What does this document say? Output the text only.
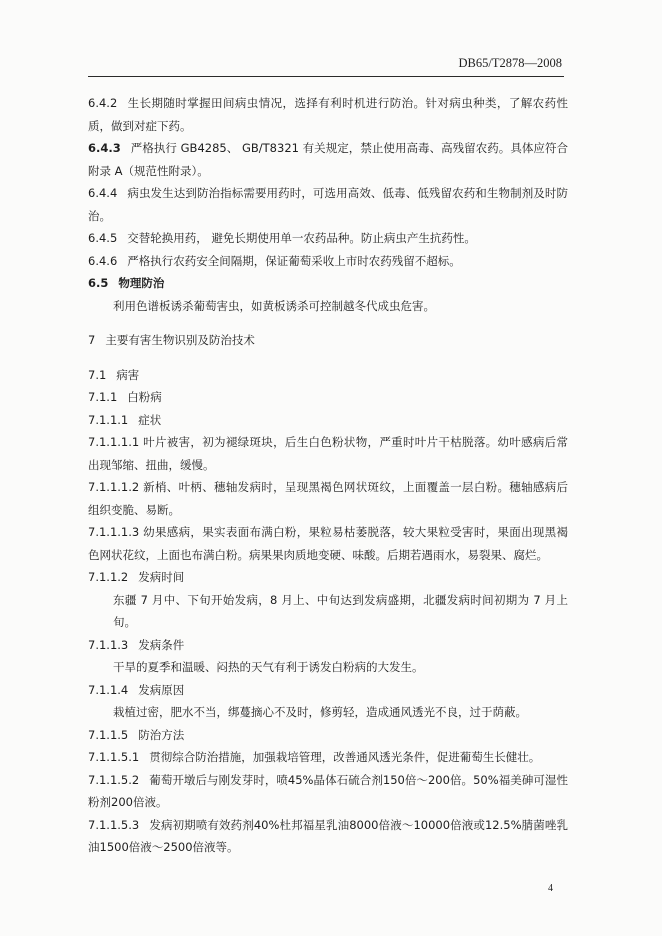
DB65/T2878—2008

6.4.2 生长期随时掌握田间病虫情况，选择有利时机进行防治。针对病虫种类，了解农药性质，做到对症下药。

6.4.3 严格执行 GB4285、 GB/T8321 有关规定，禁止使用高毒、高残留农药。具体应符合附录 A（规范性附录）。

6.4.4 病虫发生达到防治指标需要用药时，可选用高效、低毒、低残留农药和生物制剂及时防治。

6.4.5 交替轮换用药， 避免长期使用单一农药品种。防止病虫产生抗药性。

6.4.6 严格执行农药安全间隔期，保证葡萄采收上市时农药残留不超标。

6.5 物理防治

利用色谱板诱杀葡萄害虫，如黄板诱杀可控制越冬代成虫危害。

7 主要有害生物识别及防治技术

7.1 病害

7.1.1 白粉病

7.1.1.1 症状

7.1.1.1.1 叶片被害，初为褪绿斑块，后生白色粉状物，严重时叶片干枯脱落。幼叶感病后常出现邹缩、扭曲，缓慢。

7.1.1.1.2 新梢、叶柄、穗轴发病时，呈现黑褐色网状斑纹，上面覆盖一层白粉。穗轴感病后组织变脆、易断。

7.1.1.1.3 幼果感病，果实表面布满白粉，果粒易枯萎脱落，较大果粒受害时，果面出现黑褐色网状花纹，上面也布满白粉。病果果肉质地变硬、味酸。后期若遇雨水，易裂果、腐烂。

7.1.1.2 发病时间

东疆 7 月中、下旬开始发病，8 月上、中旬达到发病盛期，北疆发病时间初期为 7 月上旬。

7.1.1.3 发病条件

干旱的夏季和温暖、闷热的天气有利于诱发白粉病的大发生。

7.1.1.4 发病原因

栽植过密，肥水不当，绑蔓摘心不及时，修剪轻，造成通风透光不良，过于荫蔽。

7.1.1.5 防治方法

7.1.1.5.1 贯彻综合防治措施，加强栽培管理，改善通风透光条件，促进葡萄生长健壮。

7.1.1.5.2 葡萄开墩后与刚发芽时，喷45%晶体石硫合剂150倍～200倍。50%福美砷可湿性粉剂200倍液。

7.1.1.5.3 发病初期喷有效药剂40%杜邦福星乳油8000倍液～10000倍液或12.5%腈菌唑乳油1500倍液～2500倍液等。

4
